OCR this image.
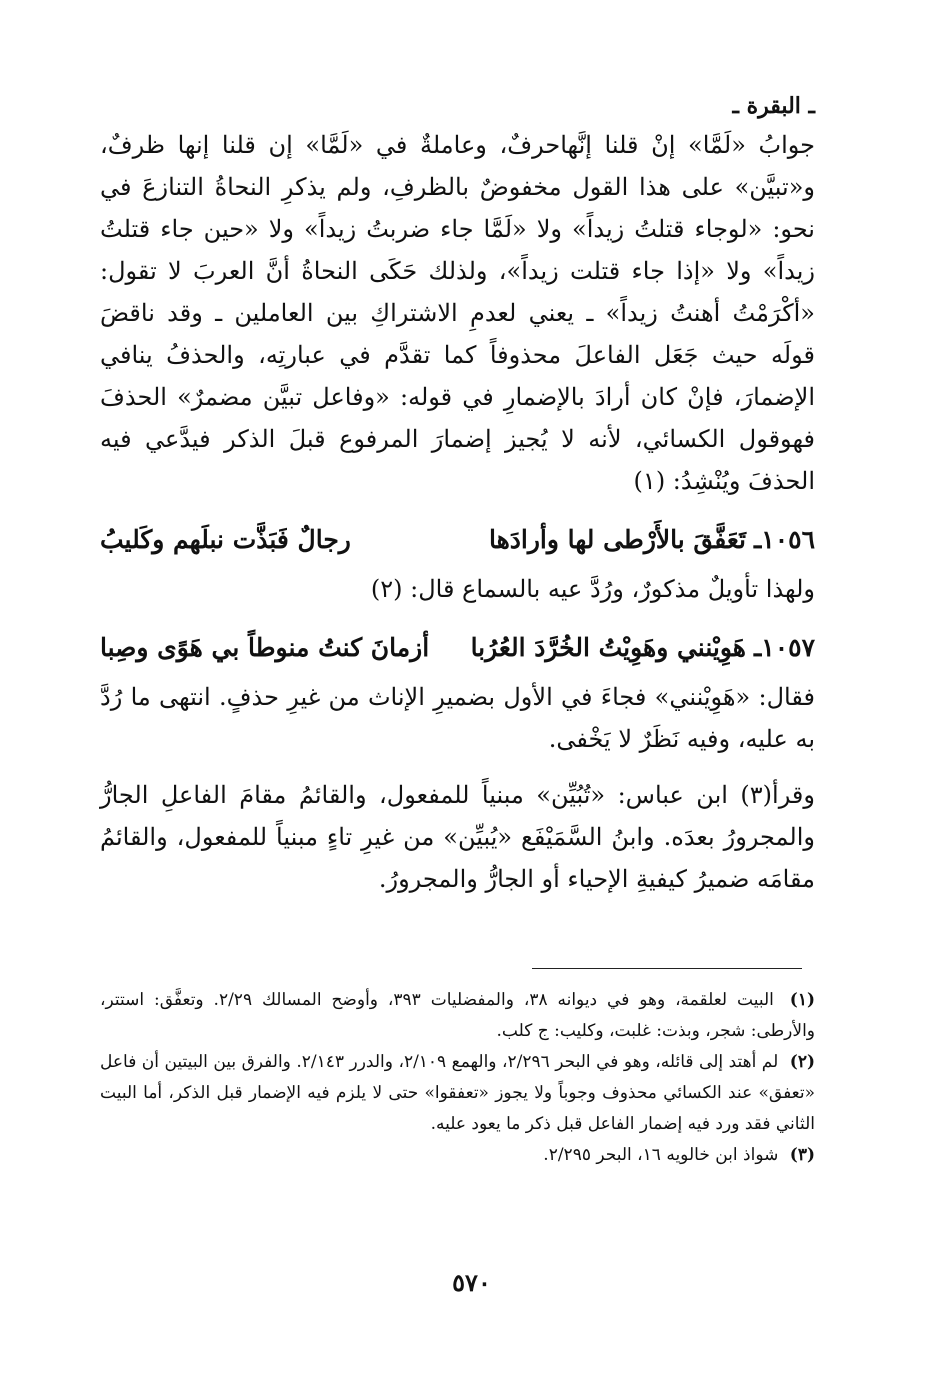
ـ البقرة ـ

جوابُ «لَمَّا» إنْ قلنا إنَّهاحرفٌ، وعاملةٌ في «لَمَّا» إن قلنا إنها ظرفٌ، و«تبيَّن» على هذا القول مخفوضٌ بالظرفِ، ولم يذكرِ النحاةُ التنازعَ في نحو: «لوجاء قتلتُ زيداً» ولا «لَمَّا جاء ضربتُ زيداً» ولا «حين جاء قتلتُ زيداً» ولا «إذا جاء قتلت زيداً»، ولذلك حَكَى النحاةُ أنَّ العربَ لا تقول: «أكْرَمْتُ أهنتُ زيداً» ـ يعني لعدمِ الاشتراكِ بين العاملين ـ وقد ناقضَ قولَه حيث جَعَل الفاعلَ محذوفاً كما تقدَّم في عبارتِه، والحذفُ ينافي الإضمارَ، فإنْ كان أرادَ بالإضمارِ في قوله: «وفاعل تبيَّن مضمرٌ» الحذفَ فهوقول الكسائي، لأنه لا يُجيز إضمارَ المرفوع قبلَ الذكر فيدَّعي فيه الحذفَ ويُنْشِدُ: (١)

١٠٥٦ـ
تَعَفَّقَ بالأَرْطى لها وأرادَها
رجالٌ فَبَذَّت نبلَهم وكَليبُ

ولهذا تأويلٌ مذكورٌ، ورُدَّ عيه بالسماع قال: (٢)

١٠٥٧ـ
هَوِيْنني وهَوِيْتُ الخُرَّدَ العُرُبا
أزمانَ كنتُ منوطاً بي هَوًى وصِبا

فقال: «هَوِيْنني» فجاءَ في الأول بضميرِ الإناث من غيرِ حذفٍ. انتهى ما رُدَّ به عليه، وفيه نَظَرٌ لا يَخْفى.

وقرأ(٣) ابن عباس: «تُبُيِّن» مبنياً للمفعول، والقائمُ مقامَ الفاعلِ الجارُّ والمجرورُ بعدَه. وابنُ السَّمَيْفَع «يُبيِّن» من غيرِ تاءٍ مبنياً للمفعول، والقائمُ مقامَه ضميرُ كيفيةِ الإحياء أو الجارُّ والمجرورُ.

(١) البيت لعلقمة، وهو في ديوانه ٣٨، والمفضليات ٣٩٣، وأوضح المسالك ٢/٢٩. وتعفَّق: استتر، والأرطى: شجر، وبذت: غلبت، وكليب: ج كلب.

(٢) لم أهتد إلى قائله، وهو في البحر ٢/٢٩٦، والهمع ٢/١٠٩، والدرر ٢/١٤٣. والفرق بين البيتين أن فاعل «تعفق» عند الكسائي محذوف وجوباً ولا يجوز «تعفقوا» حتى لا يلزم فيه الإضمار قبل الذكر، أما البيت الثاني فقد ورد فيه إضمار الفاعل قبل ذكر ما يعود عليه.

(٣) شواذ ابن خالويه ١٦، البحر ٢/٢٩٥.

٥٧٠
